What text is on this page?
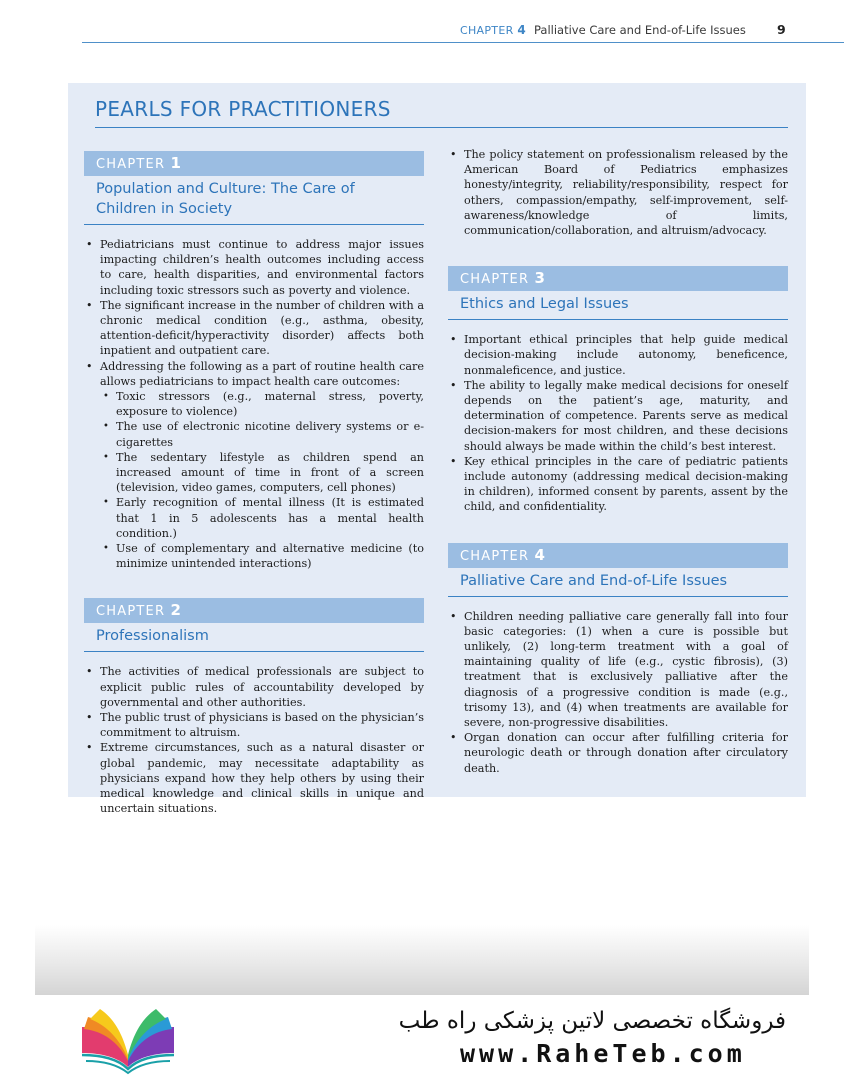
CHAPTER 4 Palliative Care and End-of-Life Issues 9
PEARLS FOR PRACTITIONERS
CHAPTER 1
Population and Culture: The Care of Children in Society
• Pediatricians must continue to address major issues impacting children’s health outcomes including access to care, health disparities, and environmental factors including toxic stressors such as poverty and violence.
• The significant increase in the number of children with a chronic medical condition (e.g., asthma, obesity, attention-deficit/hyperactivity disorder) affects both inpatient and outpatient care.
• Addressing the following as a part of routine health care allows pediatricians to impact health care outcomes:
• Toxic stressors (e.g., maternal stress, poverty, exposure to violence)
• The use of electronic nicotine delivery systems or e-cigarettes
• The sedentary lifestyle as children spend an increased amount of time in front of a screen (television, video games, computers, cell phones)
• Early recognition of mental illness (It is estimated that 1 in 5 adolescents has a mental health condition.)
• Use of complementary and alternative medicine (to minimize unintended interactions)
CHAPTER 2
Professionalism
• The activities of medical professionals are subject to explicit public rules of accountability developed by governmental and other authorities.
• The public trust of physicians is based on the physician’s commitment to altruism.
• Extreme circumstances, such as a natural disaster or global pandemic, may necessitate adaptability as physicians expand how they help others by using their medical knowledge and clinical skills in unique and uncertain situations.
• The policy statement on professionalism released by the American Board of Pediatrics emphasizes honesty/integrity, reliability/responsibility, respect for others, compassion/empathy, self-improvement, self-awareness/knowledge of limits, communication/collaboration, and altruism/advocacy.
CHAPTER 3
Ethics and Legal Issues
• Important ethical principles that help guide medical decision-making include autonomy, beneficence, nonmaleficence, and justice.
• The ability to legally make medical decisions for oneself depends on the patient’s age, maturity, and determination of competence. Parents serve as medical decision-makers for most children, and these decisions should always be made within the child’s best interest.
• Key ethical principles in the care of pediatric patients include autonomy (addressing medical decision-making in children), informed consent by parents, assent by the child, and confidentiality.
CHAPTER 4
Palliative Care and End-of-Life Issues
• Children needing palliative care generally fall into four basic categories: (1) when a cure is possible but unlikely, (2) long-term treatment with a goal of maintaining quality of life (e.g., cystic fibrosis), (3) treatment that is exclusively palliative after the diagnosis of a progressive condition is made (e.g., trisomy 13), and (4) when treatments are available for severe, non-progressive disabilities.
• Organ donation can occur after fulfilling criteria for neurologic death or through donation after circulatory death.
فروشگاه تخصصی لاتین پزشکی راه طب
www.RaheTeb.com
